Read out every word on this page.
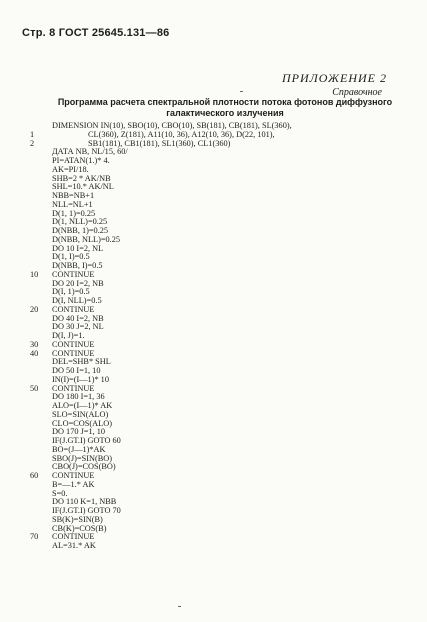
Стр. 8 ГОСТ 25645.131—86
ПРИЛОЖЕНИЕ 2
Справочное
Программа расчета спектральной плотности потока фотонов диффузного
галактического излучения
DIMENSION IN(10), SBO(10), CBO(10), SB(181), CB(181), SL(360),
1	CL(360), Z(181), A11(10, 36), A12(10, 36), D(22, 101),
2	SB1(181), CB1(181), SL1(360), CL1(360)
ДАТА NB, NL/15, 60/
PI=ATAN(1.)* 4.
AK=PI/18.
SHB=2 * AK/NB
SHL=10.* AK/NL
NBB=NB+1
NLL=NL+1
D(1, 1)=0.25
D(1, NLL)=0.25
D(NBB, 1)=0.25
D(NBB, NLL)=0.25
DO 10 I=2, NL
D(1, I)=0.5
D(NBB, I)=0.5
10 CONTINUE
DO 20 I=2, NB
D(I, 1)=0.5
D(I, NLL)=0.5
20 CONTINUE
DO 40 I=2, NB
DO 30 J=2, NL
D(I, J)=1.
30 CONTINUE
40 CONTINUE
DEL=SHB* SHL
DO 50 I=1, 10
IN(I)=(I—1)* 10
50 CONTINUE
DO 180 I=1, 36
ALO=(I—1)* AK
SLO=SIN(ALO)
CLO=COS(ALO)
DO 170 J=1, 10
IF(J.GT.I) GOTO 60
BO=(J—1)*AK
SBO(J)=SIN(BO)
CBO(J)=COS(BO)
60 CONTINUE
B=—1.* AK
S=0.
DO 110 K=1, NBB
IF(J.GT.I) GOTO 70
SB(K)=SIN(B)
CB(K)=COS(B)
70 CONTINUE
AL=31.* AK
